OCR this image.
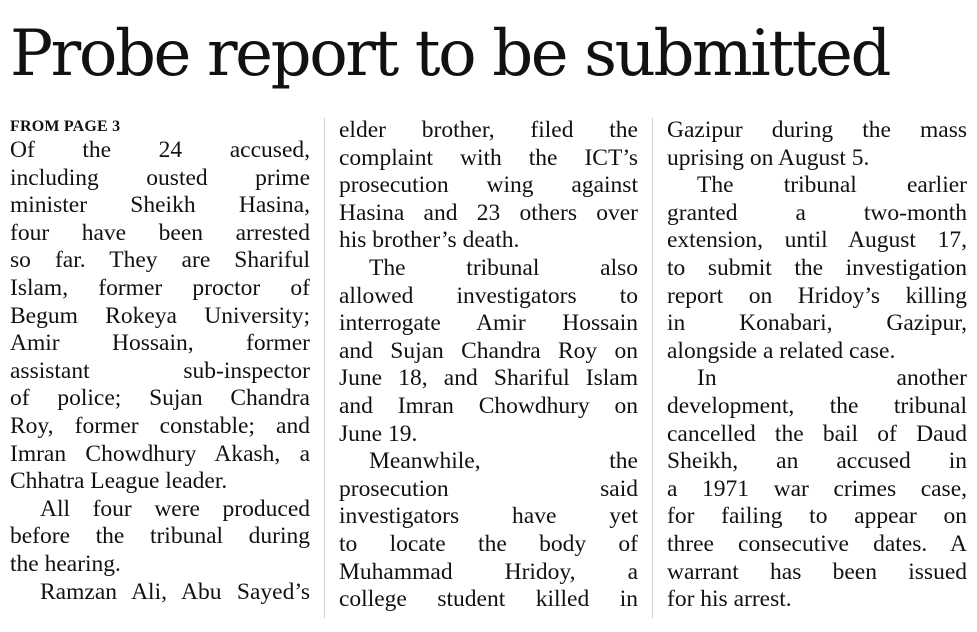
Probe report to be submitted

FROM PAGE 3

Of the 24 accused,
including ousted prime
minister Sheikh Hasina,
four have been arrested
so far. They are Shariful
Islam, former proctor of
Begum Rokeya University;
Amir Hossain, former
assistant sub-inspector
of police; Sujan Chandra
Roy, former constable; and
Imran Chowdhury Akash, a
Chhatra League leader.
All four were produced
before the tribunal during
the hearing.
Ramzan Ali, Abu Sayed’s
elder brother, filed the
complaint with the ICT’s
prosecution wing against
Hasina and 23 others over
his brother’s death.
The tribunal also
allowed investigators to
interrogate Amir Hossain
and Sujan Chandra Roy on
June 18, and Shariful Islam
and Imran Chowdhury on
June 19.
Meanwhile, the
prosecution said
investigators have yet
to locate the body of
Muhammad Hridoy, a
college student killed in
Gazipur during the mass
uprising on August 5.
The tribunal earlier
granted a two-month
extension, until August 17,
to submit the investigation
report on Hridoy’s killing
in Konabari, Gazipur,
alongside a related case.
In another
development, the tribunal
cancelled the bail of Daud
Sheikh, an accused in
a 1971 war crimes case,
for failing to appear on
three consecutive dates. A
warrant has been issued
for his arrest.
